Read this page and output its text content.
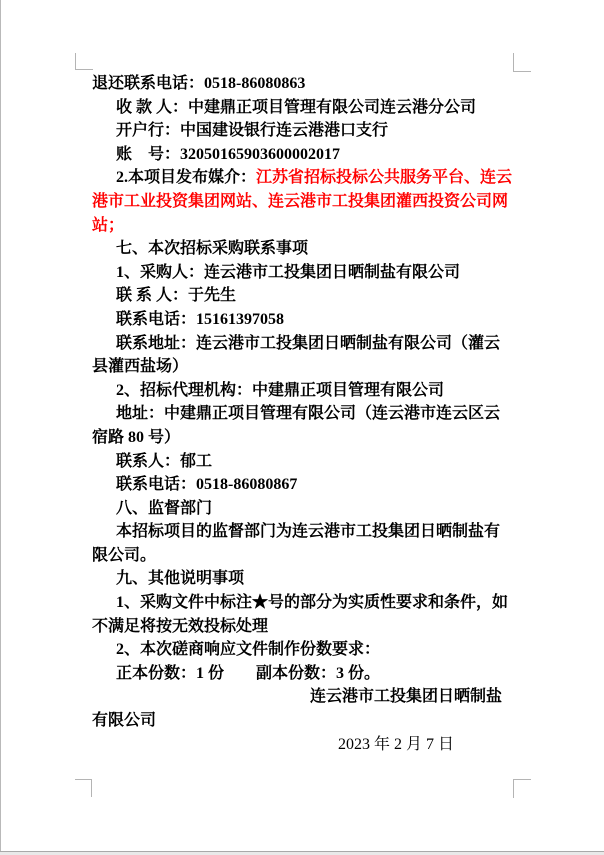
退还联系电话：0518-86080863

收 款 人：中建鼎正项目管理有限公司连云港分公司

开户行：中国建设银行连云港港口支行

账　号：32050165903600002017

2.本项目发布媒介：江苏省招标投标公共服务平台、连云港市工业投资集团网站、连云港市工投集团灌西投资公司网站；

七、本次招标采购联系事项

1、采购人：连云港市工投集团日晒制盐有限公司

联 系 人：于先生

联系电话：15161397058

联系地址：连云港市工投集团日晒制盐有限公司（灌云县灌西盐场）

2、招标代理机构：中建鼎正项目管理有限公司

地址：中建鼎正项目管理有限公司（连云港市连云区云宿路 80 号）

联系人：郁工

联系电话：0518-86080867

八、监督部门

本招标项目的监督部门为连云港市工投集团日晒制盐有限公司。

九、其他说明事项

1、采购文件中标注★号的部分为实质性要求和条件，如不满足将按无效投标处理

2、本次磋商响应文件制作份数要求：

正本份数：1 份　　副本份数：3 份。

连云港市工投集团日晒制盐有限公司

2023 年 2 月 7 日
